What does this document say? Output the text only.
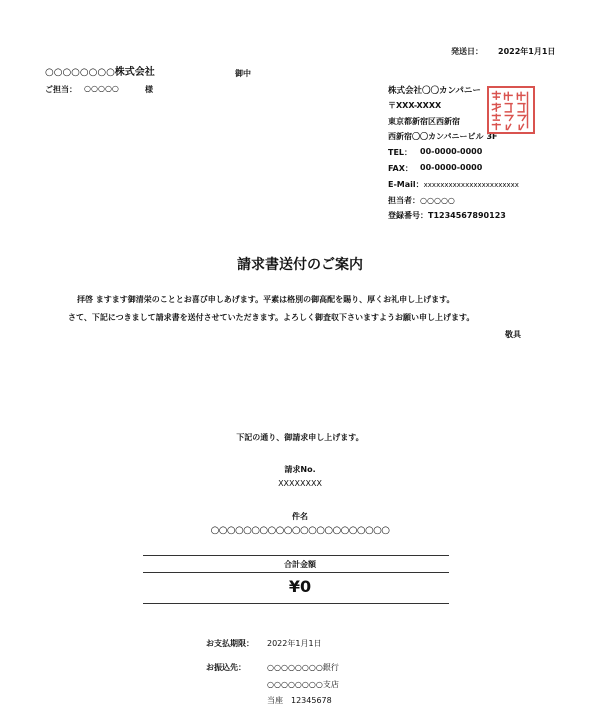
発送日： 2022年1月1日
○○○○○○○○株式会社	御中
ご担当： ○○○○○	様	株式会社〇〇カンパニー
〒XXX-XXXX
東京都新宿区西新宿
西新宿〇〇カンパニービル 3F
TEL： 00-0000-0000
FAX： 00-0000-0000
E-Mail：xxxxxxxxxxxxxxxxxxxxxxx
担当者：○○○○○
登録番号：T1234567890123
請求書送付のご案内
拝啓 ますます御清栄のこととお喜び申しあげます。平素は格別の御高配を賜り、厚くお礼申し上げます。
さて、下記につきまして請求書を送付させていただきます。よろしく御査収下さいますようお願い申し上げます。
敬具
下記の通り、御請求申し上げます。
請求No.
XXXXXXXX
件名
○○○○○○○○○○○○○○○○○○○○○○
合計金額
¥0
お支払期限： 2022年1月1日
お振込先：	○○○○○○○○銀行
○○○○○○○○支店
当座　12345678
